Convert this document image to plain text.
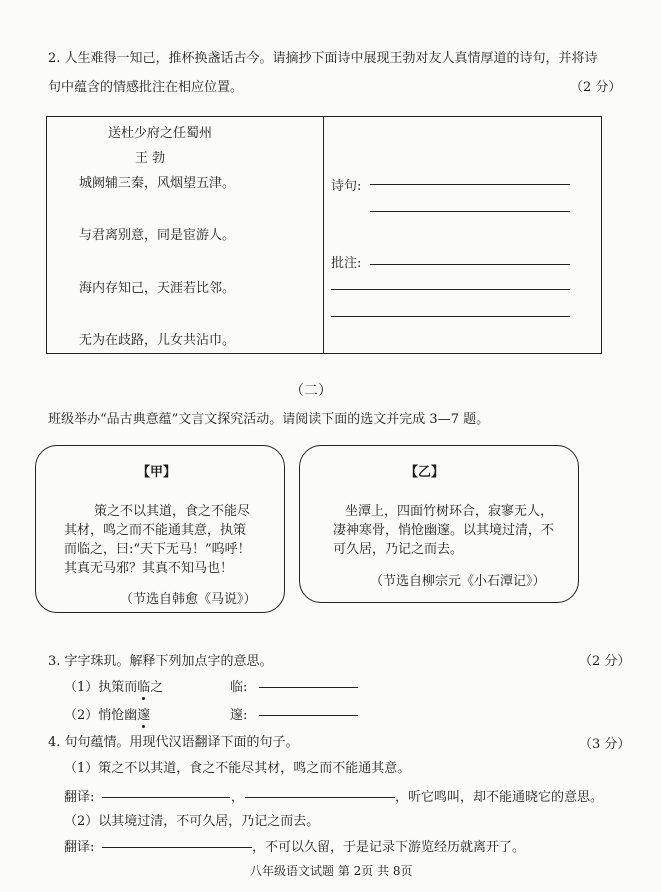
2. 人生难得一知己，推杯换盏话古今。请摘抄下面诗中展现王勃对友人真情厚道的诗句，并将诗
句中蕴含的情感批注在相应位置。	（2 分）
送杜少府之任蜀州
王 勃
城阙辅三秦，风烟望五津。
与君离别意，同是宦游人。
海内存知己，天涯若比邻。
无为在歧路，儿女共沾巾。
诗句:
批注:
（二）
班级举办“品古典意蕴”文言文探究活动。请阅读下面的选文并完成 3—7 题。
【甲】
策之不以其道，食之不能尽
其材，鸣之而不能通其意，执策
而临之，曰:“天下无马！”呜呼！
其真无马邪？其真不知马也！
（节选自韩愈《马说》）
【乙】
坐潭上，四面竹树环合，寂寥无人，
凄神寒骨，悄怆幽邃。以其境过清，不
可久居，乃记之而去。
（节选自柳宗元《小石潭记》）
3. 字字珠玑。解释下列加点字的意思。	（2 分）
（1）执策而临之	临:
（2）悄怆幽邃	邃:
4. 句句蕴情。用现代汉语翻译下面的句子。	（3 分）
（1）策之不以其道，食之不能尽其材，鸣之而不能通其意。
翻译:	，	，听它鸣叫，却不能通晓它的意思。
（2）以其境过清，不可久居，乃记之而去。
翻译:	，不可以久留，于是记录下游览经历就离开了。
八年级语文试题 第 2页 共 8页
